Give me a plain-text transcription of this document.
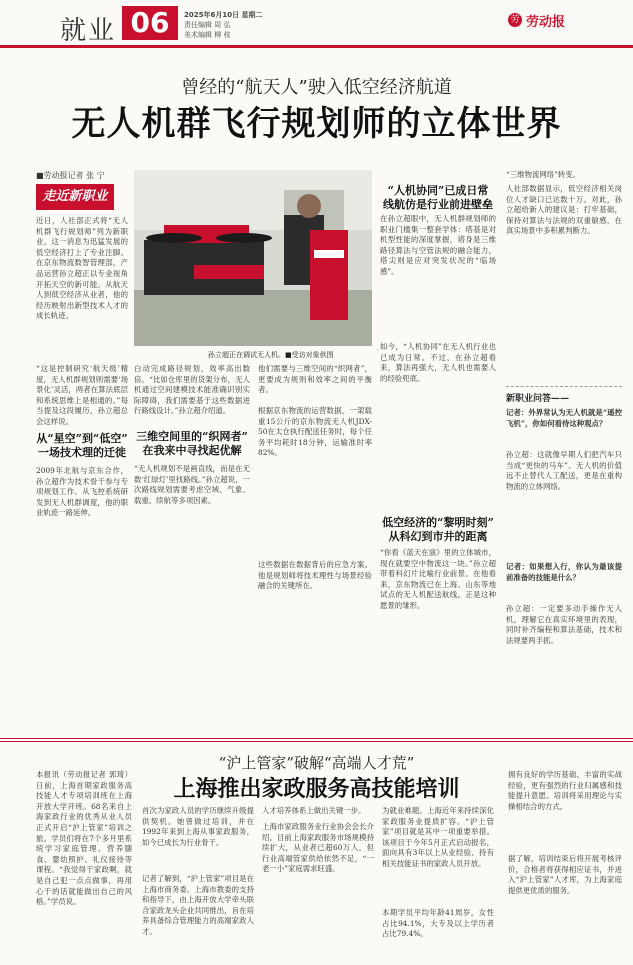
就业 06	2025年6月10日 星期二
责任编辑 周 弘
美术编辑 柳 枝
劳 劳动报
曾经的“航天人”驶入低空经济航道
无人机群飞行规划师的立体世界
■劳动报记者 张 宁
走近新职业
近日，人社部正式将“无人机群飞行规划师”列为新职业，这一消息为迅猛发展的低空经济打上了专业注脚。在京东物流数智管理部，产品运营孙立超正以专业视角开拓天空的新可能。从航天人到低空经济从业者，他的经历映射出新型技术人才的成长轨迹。
“这是控制研究‘航天级’精度，无人机群规划则需要‘场景化’灵活，两者在算法底层和系统思维上是相通的。”每当提及这段履历，孙立超总会这样说。
从“星空”到“低空”
一场技术理的迁徙
2009年北航与京东合作，孙立超作为技术骨干参与专项规划工作。从飞控系统研发到无人机群调度，他的职业轨迹一路延伸。
孙立超正在调试无人机。■受访对象供图
白动完成路径规划，效率高出数倍。“比如仓库里的货架分布，无人机通过空间建模技术能准确识别实际障碍，我们需要基于这些数据进行路线设计。”孙立超介绍道。
三维空间里的“织网者”
在我来中寻找起优解
“无人机规划不是画直线，而是在无数‘红绿灯’里找路线。”孙立超说，一次路线规划需要考虑空域、气象、载重、续航等多项因素。
他们需要与三维空间的“织网者”，更要成为规则和效率之间的平衡者。
根据京东物流的运营数据，一架载重15公斤的京东物流无人机JDX-50在太仓执行配送任务时，每个任务平均耗时18分钟，运输准时率82%。
这些数据在数据背后的应急方案。他是规划师将技术理性与场景经验融合的关键所在。
“人机协同”已成日常
线航仿是行业前进壁垒
在孙立超眼中，无人机群规划师的职业门槛集一整套学体：塔基是对机型性能的深度掌握，塔身是三维路径算法与空管法规的融合能力，塔尖则是应对突发状况的“临场感”。
如今，“人机协同”在无人机行业也已成为日常。不过，在孙立超看来，算法再强大，无人机也需要人的经验兜底。
低空经济的“黎明时刻”
从科幻到市井的距离
“你看《蓝天在演》里的立体城市，现在就要空中物流这一块。”孙立超带着科幻片比喻行业前景。在他看来，京东物流已在上海、山东等地试点的无人机配送航线，正是这种愿景的雏形。
“三维物流网络”转变。
人社部数据显示，低空经济相关岗位人才缺口已达数十万。对此，孙立超给新人的建议是：打牢基础，保持对算法与法规的双重敏感，在真实场景中多积累判断力。
新职业问答——
记者：外界常认为无人机就是“遥控飞机”，你如何看待这种观点？
孙立超：这就像早期人们把汽车只当成“更快的马车”。无人机的价值远不止替代人工配送，更是在重构物流的立体网络。
记者：如果想入行，你认为最该提前准备的技能是什么？
孙立超：一定要多动手操作无人机，理解它在真实环境里的表现，同时补齐编程和算法基础，技术和法规要两手抓。
“沪上管家”破解“高端人才荒”
上海推出家政服务高技能培训
本报讯（劳动报记者 郭琦）日前，上海首期家政服务高技能人才专项培训班在上海开放大学开班。68名来自上海家政行业的优秀从业人员正式开启“沪上管家”培训之旅。学员们将在7个多月里系统学习家庭管理、营养膳食、婴幼照护、礼仪接待等课程。“我觉得干家政啊，就是自己犯一点点做事，再用心干的话就能做出自己的风格。”学员说。
首次为家政人员的学历继续升级提供契机。她曾做过培训，并在1992年来到上海从事家政服务，如今已成长为行业骨干。
记者了解到，“沪上管家”项目是在上海市商务委、上海市教委的支持和指导下，由上海开放大学牵头联合家政龙头企业共同推出，旨在培养具备综合管理能力的高端家政人才。
人才培养体系上做出关键一步。
上海市家政服务业行业协会会长介绍，目前上海家政服务市场规模持续扩大，从业者已超60万人，但行业高端管家供给依然不足，“一老一小”家庭需求旺盛。
为就业难题。上海近年来持续深化家政服务业提质扩容。“沪上管家”项目就是其中一项重要举措。该项目于今年5月正式启动报名，面向具有3年以上从业经验、持有相关技能证书的家政人员开放。
本期学员平均年龄41周岁，女性占比94.1%，大专及以上学历者占比79.4%。
拥有良好的学历基础、丰富的实战经验，更有强烈的行业归属感和技能提升意愿。培训将采用理论与实操相结合的方式。
据了解，培训结束后将开展考核评价，合格者将获得相应证书，并进入“沪上管家”人才库，为上海家庭提供更优质的服务。
